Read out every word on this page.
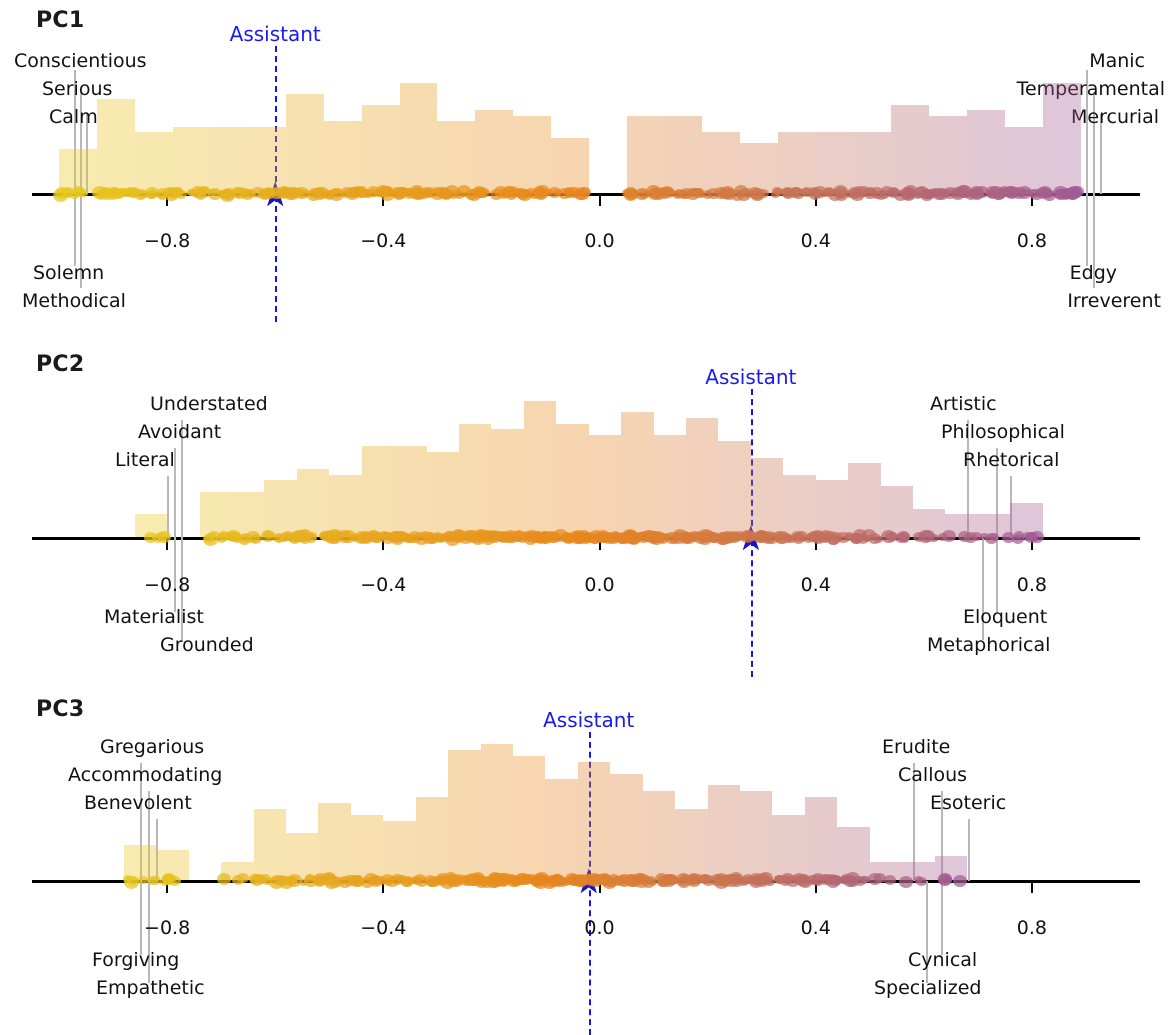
PC1
Assistant
Conscientious
Serious
Calm
Solemn
Methodical
Manic
Temperamental
Mercurial
Edgy
Irreverent
−0.8	−0.4	0.0	0.4	0.8
PC2	Assistant
Understated
Avoidant
Literal
Materialist
Grounded
Artistic
Philosophical
Rhetorical
Eloquent
Metaphorical
−0.8	−0.4	0.0	0.4	0.8
PC3	Assistant
Gregarious
Accommodating
Benevolent
Forgiving
Empathetic
Erudite
Callous
Esoteric
Cynical
Specialized
−0.8	−0.4	0.0	0.4	0.8
